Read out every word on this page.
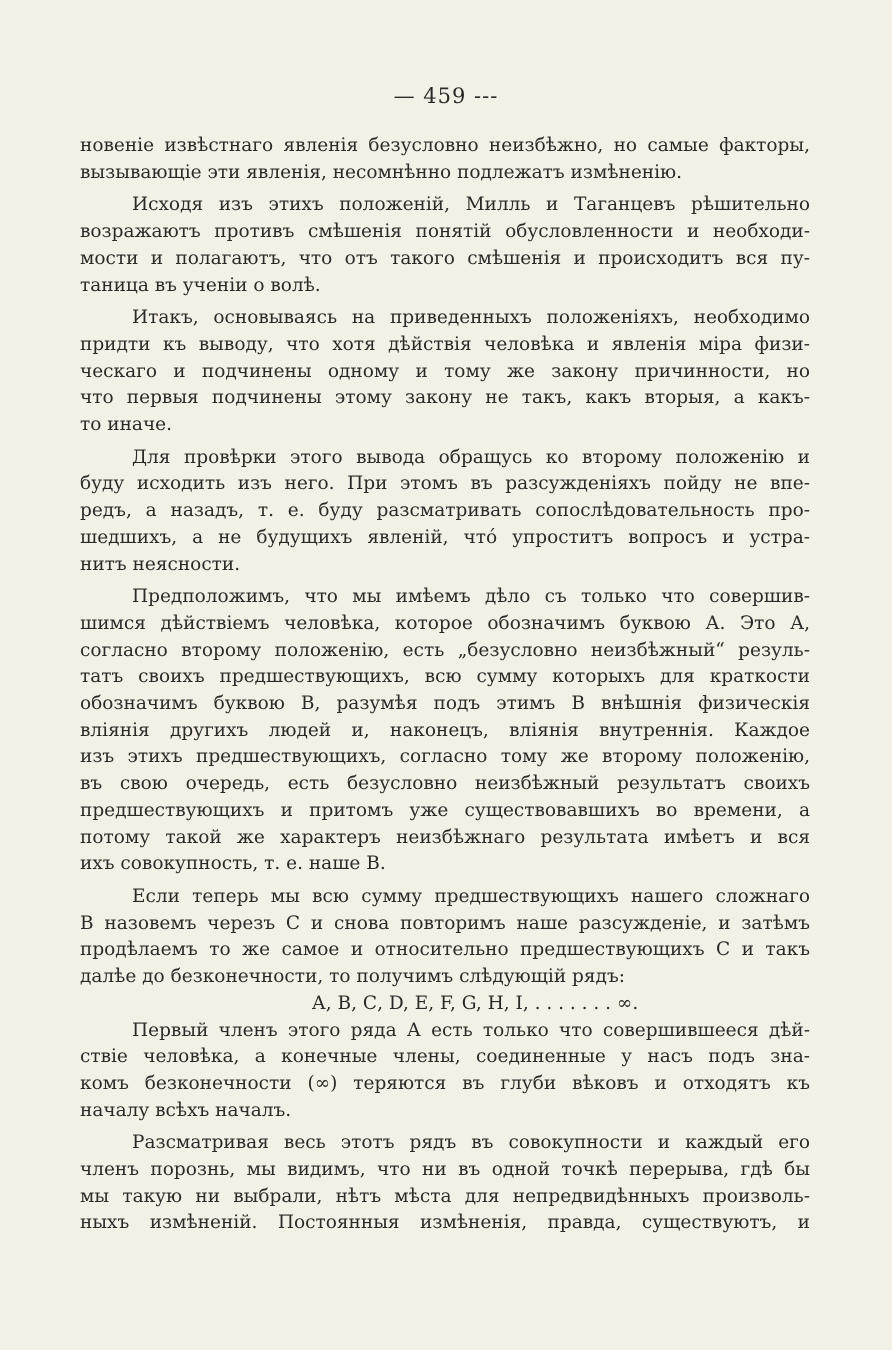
— 459 ---
новеніе извѣстнаго явленія безусловно неизбѣжно, но самые факторы,
вызывающіе эти явленія, несомнѣнно подлежатъ измѣненію.
Исходя изъ этихъ положеній, Милль и Таганцевъ рѣшительно
возражаютъ противъ смѣшенія понятій обусловленности и необходи-
мости и полагаютъ, что отъ такого смѣшенія и происходитъ вся пу-
таница въ ученіи о волѣ.
Итакъ, основываясь на приведенныхъ положеніяхъ, необходимо
придти къ выводу, что хотя дѣйствія человѣка и явленія міра физи-
ческаго и подчинены одному и тому же закону причинности, но
что первыя подчинены этому закону не такъ, какъ вторыя, а какъ-
то иначе.
Для провѣрки этого вывода обращусь ко второму положенію и
буду исходить изъ него. При этомъ въ разсужденіяхъ пойду не впе-
редъ, а назадъ, т. е. буду разсматривать сопослѣдовательность про-
шедшихъ, а не будущихъ явленій, что́ упроститъ вопросъ и устра-
нитъ неясности.
Предположимъ, что мы имѣемъ дѣло съ только что совершив-
шимся дѣйствіемъ человѣка, которое обозначимъ буквою А. Это А,
согласно второму положенію, есть „безусловно неизбѣжный“ резуль-
татъ своихъ предшествующихъ, всю сумму которыхъ для краткости
обозначимъ буквою В, разумѣя подъ этимъ В внѣшнія физическія
вліянія другихъ людей и, наконецъ, вліянія внутреннія. Каждое
изъ этихъ предшествующихъ, согласно тому же второму положенію,
въ свою очередь, есть безусловно неизбѣжный результатъ своихъ
предшествующихъ и притомъ уже существовавшихъ во времени, а
потому такой же характеръ неизбѣжнаго результата имѣетъ и вся
ихъ совокупность, т. е. наше В.
Если теперь мы всю сумму предшествующихъ нашего сложнаго
В назовемъ черезъ С и снова повторимъ наше разсужденіе, и затѣмъ
продѣлаемъ то же самое и относительно предшествующихъ С и такъ
далѣе до безконечности, то получимъ слѣдующій рядъ:
А, В, С, D, Е, F, G, Н, I, . . . . . . . ∞.
Первый членъ этого ряда А есть только что совершившееся дѣй-
ствіе человѣка, а конечные члены, соединенные у насъ подъ зна-
комъ безконечности (∞) теряются въ глуби вѣковъ и отходятъ къ
началу всѣхъ началъ.
Разсматривая весь этотъ рядъ въ совокупности и каждый его
членъ порознь, мы видимъ, что ни въ одной точкѣ перерыва, гдѣ бы
мы такую ни выбрали, нѣтъ мѣста для непредвидѣнныхъ произволь-
ныхъ измѣненій. Постоянныя измѣненія, правда, существуютъ, и
